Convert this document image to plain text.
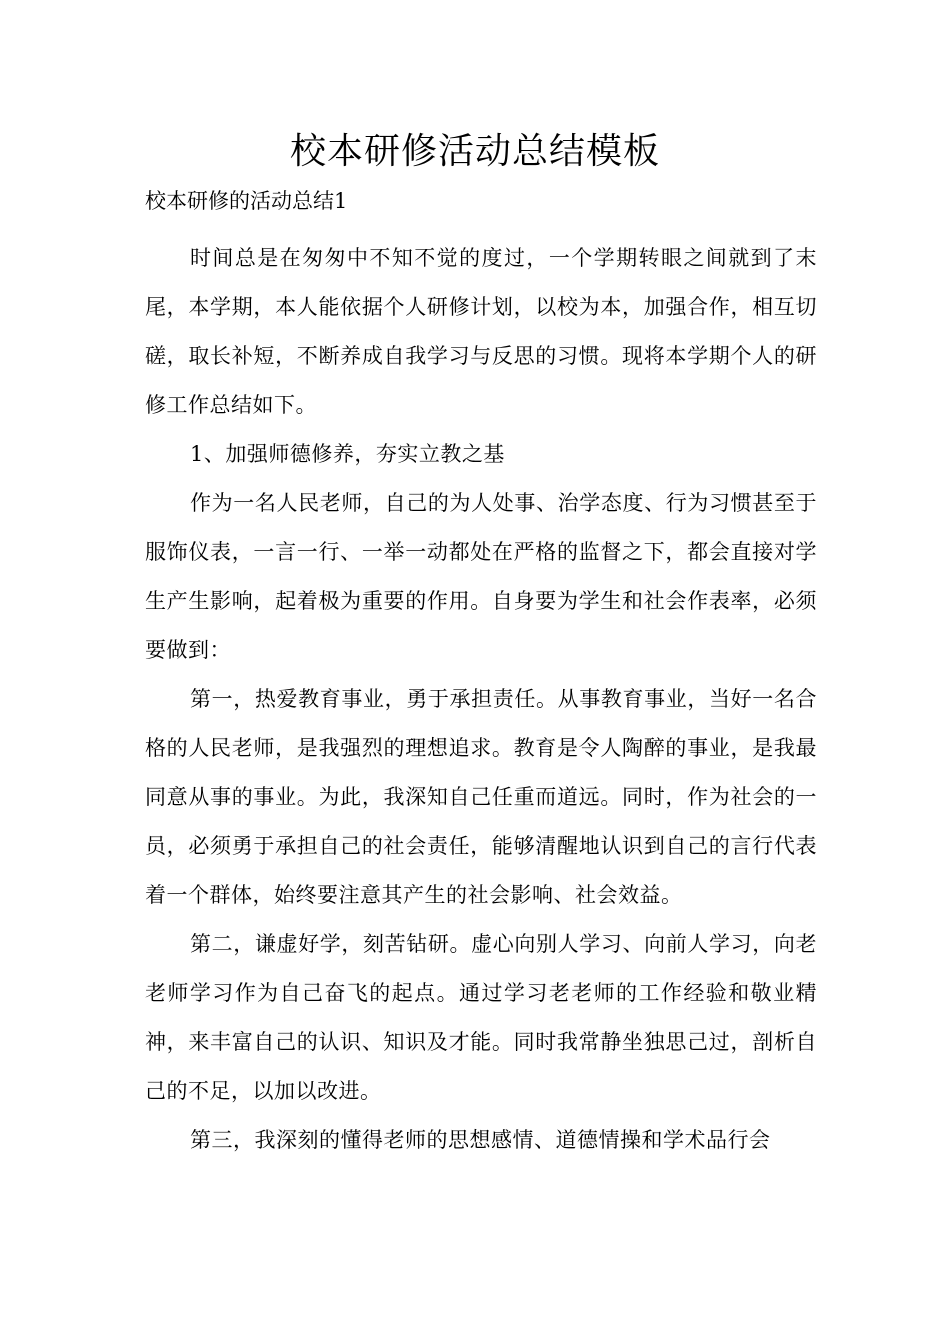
校本研修活动总结模板

校本研修的活动总结1

时间总是在匆匆中不知不觉的度过，一个学期转眼之间就到了末尾，本学期，本人能依据个人研修计划，以校为本，加强合作，相互切磋，取长补短，不断养成自我学习与反思的习惯。现将本学期个人的研修工作总结如下。

1、加强师德修养，夯实立教之基

作为一名人民老师，自己的为人处事、治学态度、行为习惯甚至于服饰仪表，一言一行、一举一动都处在严格的监督之下，都会直接对学生产生影响，起着极为重要的作用。自身要为学生和社会作表率，必须要做到：

第一，热爱教育事业，勇于承担责任。从事教育事业，当好一名合格的人民老师，是我强烈的理想追求。教育是令人陶醉的事业，是我最同意从事的事业。为此，我深知自己任重而道远。同时，作为社会的一员，必须勇于承担自己的社会责任，能够清醒地认识到自己的言行代表着一个群体，始终要注意其产生的社会影响、社会效益。

第二，谦虚好学，刻苦钻研。虚心向别人学习、向前人学习，向老老师学习作为自己奋飞的起点。通过学习老老师的工作经验和敬业精神，来丰富自己的认识、知识及才能。同时我常静坐独思己过，剖析自己的不足，以加以改进。

第三，我深刻的懂得老师的思想感情、道德情操和学术品行会
